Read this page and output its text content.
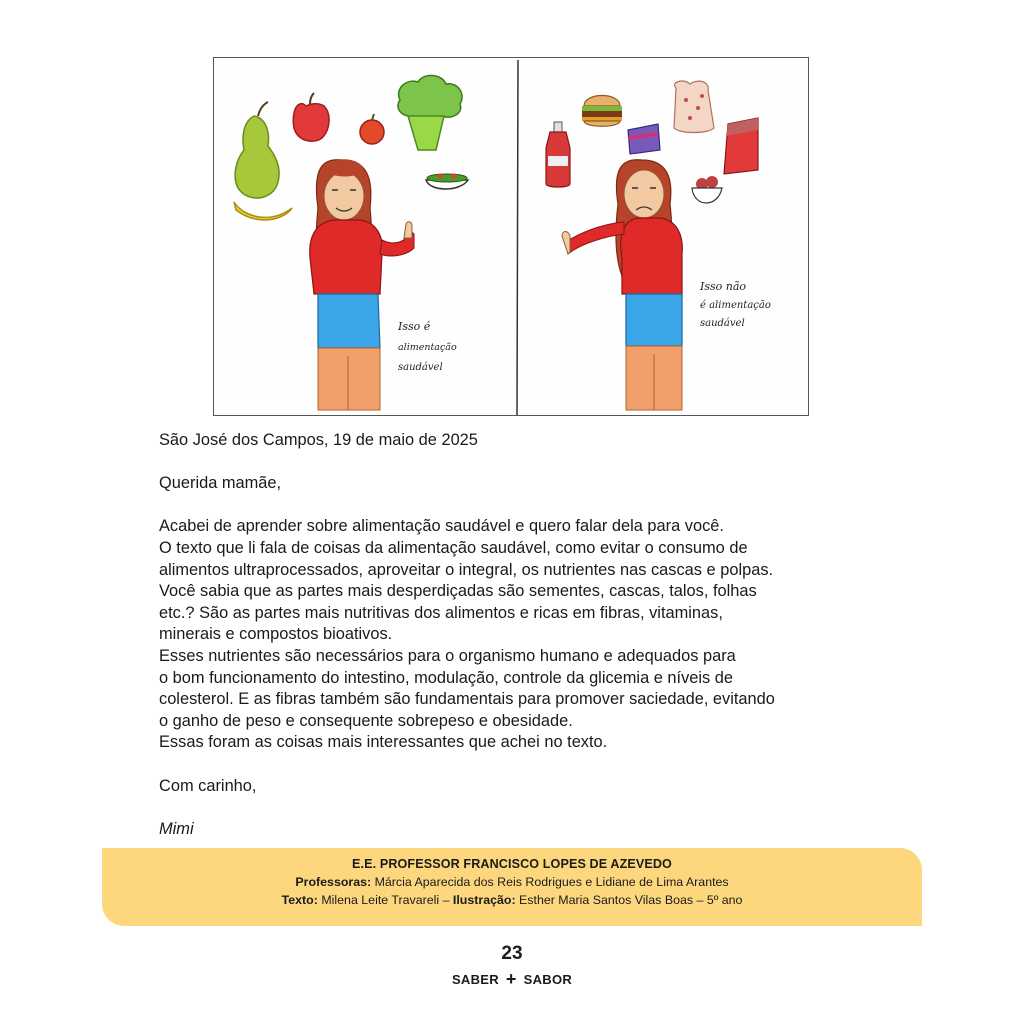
Isso é
alimentação
saudável
Isso não
é alimentação
saudável

São José dos Campos, 19 de maio de 2025

Querida mamãe,

Acabei de aprender sobre alimentação saudável e quero falar dela para você.

O texto que li fala de coisas da alimentação saudável, como evitar o consumo de

alimentos ultraprocessados, aproveitar o integral, os nutrientes nas cascas e polpas.

Você sabia que as partes mais desperdiçadas são sementes, cascas, talos, folhas

etc.? São as partes mais nutritivas dos alimentos e ricas em fibras, vitaminas,

minerais e compostos bioativos.

Esses nutrientes são necessários para o organismo humano e adequados para

o bom funcionamento do intestino, modulação, controle da glicemia e níveis de

colesterol. E as fibras também são fundamentais para promover saciedade, evitando

o ganho de peso e consequente sobrepeso e obesidade.

Essas foram as coisas mais interessantes que achei no texto.

Com carinho,

Mimi

E.E. PROFESSOR FRANCISCO LOPES DE AZEVEDO
Professoras: Márcia Aparecida dos Reis Rodrigues e Lidiane de Lima Arantes
Texto: Milena Leite Travareli – Ilustração: Esther Maria Santos Vilas Boas – 5º ano
23
SABER + SABOR
